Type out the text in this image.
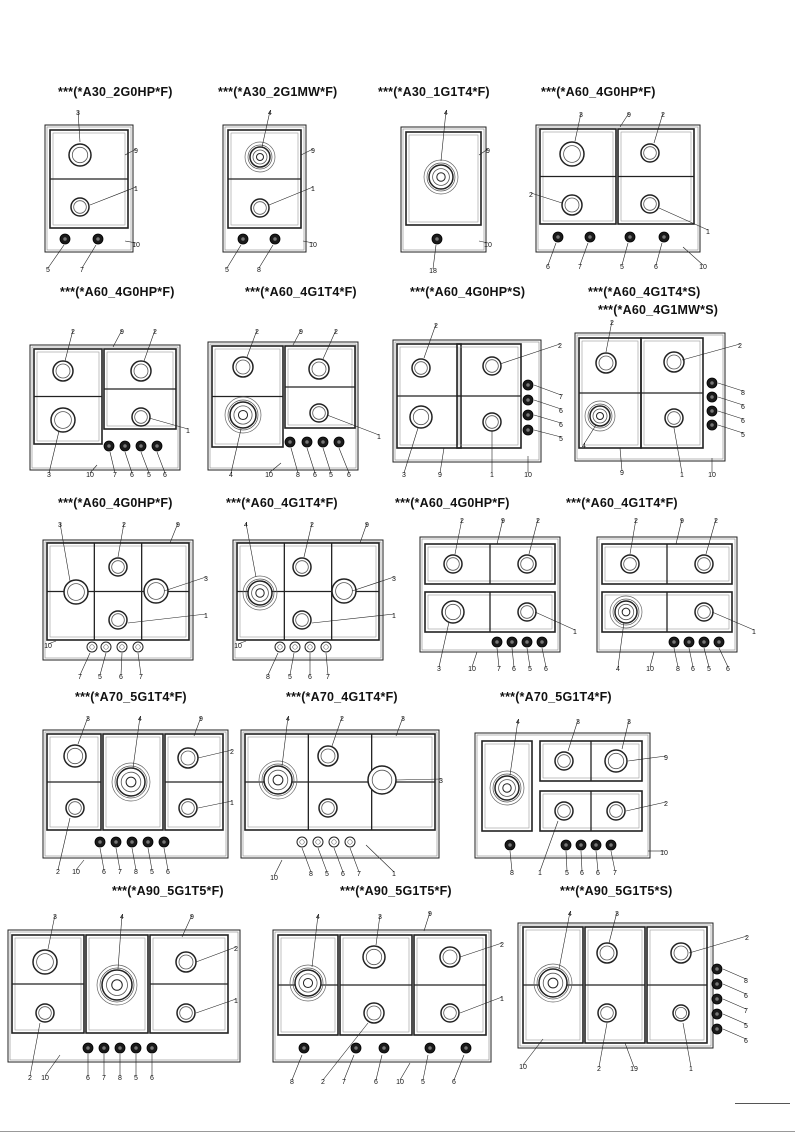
***(*A30_2G0HP*F)	***(*A30_2G1MW*F)	***(*A30_1G1T4*F)	***(*A60_4G0HP*F)
***(*A60_4G0HP*F)	***(*A60_4G1T4*F)	***(*A60_4G0HP*S)	***(*A60_4G1T4*S)
***(*A60_4G1MW*S)
***(*A60_4G0HP*F)	***(*A60_4G1T4*F)	***(*A60_4G0HP*F)	***(*A60_4G1T4*F)
***(*A70_5G1T4*F)	***(*A70_4G1T4*F)	***(*A70_5G1T4*F)
***(*A90_5G1T5*F)	***(*A90_5G1T5*F)	***(*A90_5G1T5*S)
3
9
1
10
5	7
4
9
1
10
5	8
4
9
10
18
3	9	2
2
1
6	7	5	6	10
2	9	2
1
3	10	7 6 5 6
2	9	2
1
4	10	8 6 5 6
2
2
7
6
6
5
3	9	1	10
2
2
8
6
6
5
4
9	1	10
3	2	9
3
1
10
7 5 6 7
4	2	9
3
1
10
8	5 6 7
2	9	2
1
3	10	7 6 5 6
2	9	2
1
4	10	8 6 5 6
3	4	9
2
1
2 10	6 7 8 5 6
4	2	3
3
10
8 5 6 7	1
4	3	3
9
2
8	1	5 6 6 7
10
3	4	9
2
1
2 10	6 7 8 5 6
4	3	9
2
1
8	2 7	6	10 5	6
4	3
2
8
6
7
5
6
10	2	19	1
